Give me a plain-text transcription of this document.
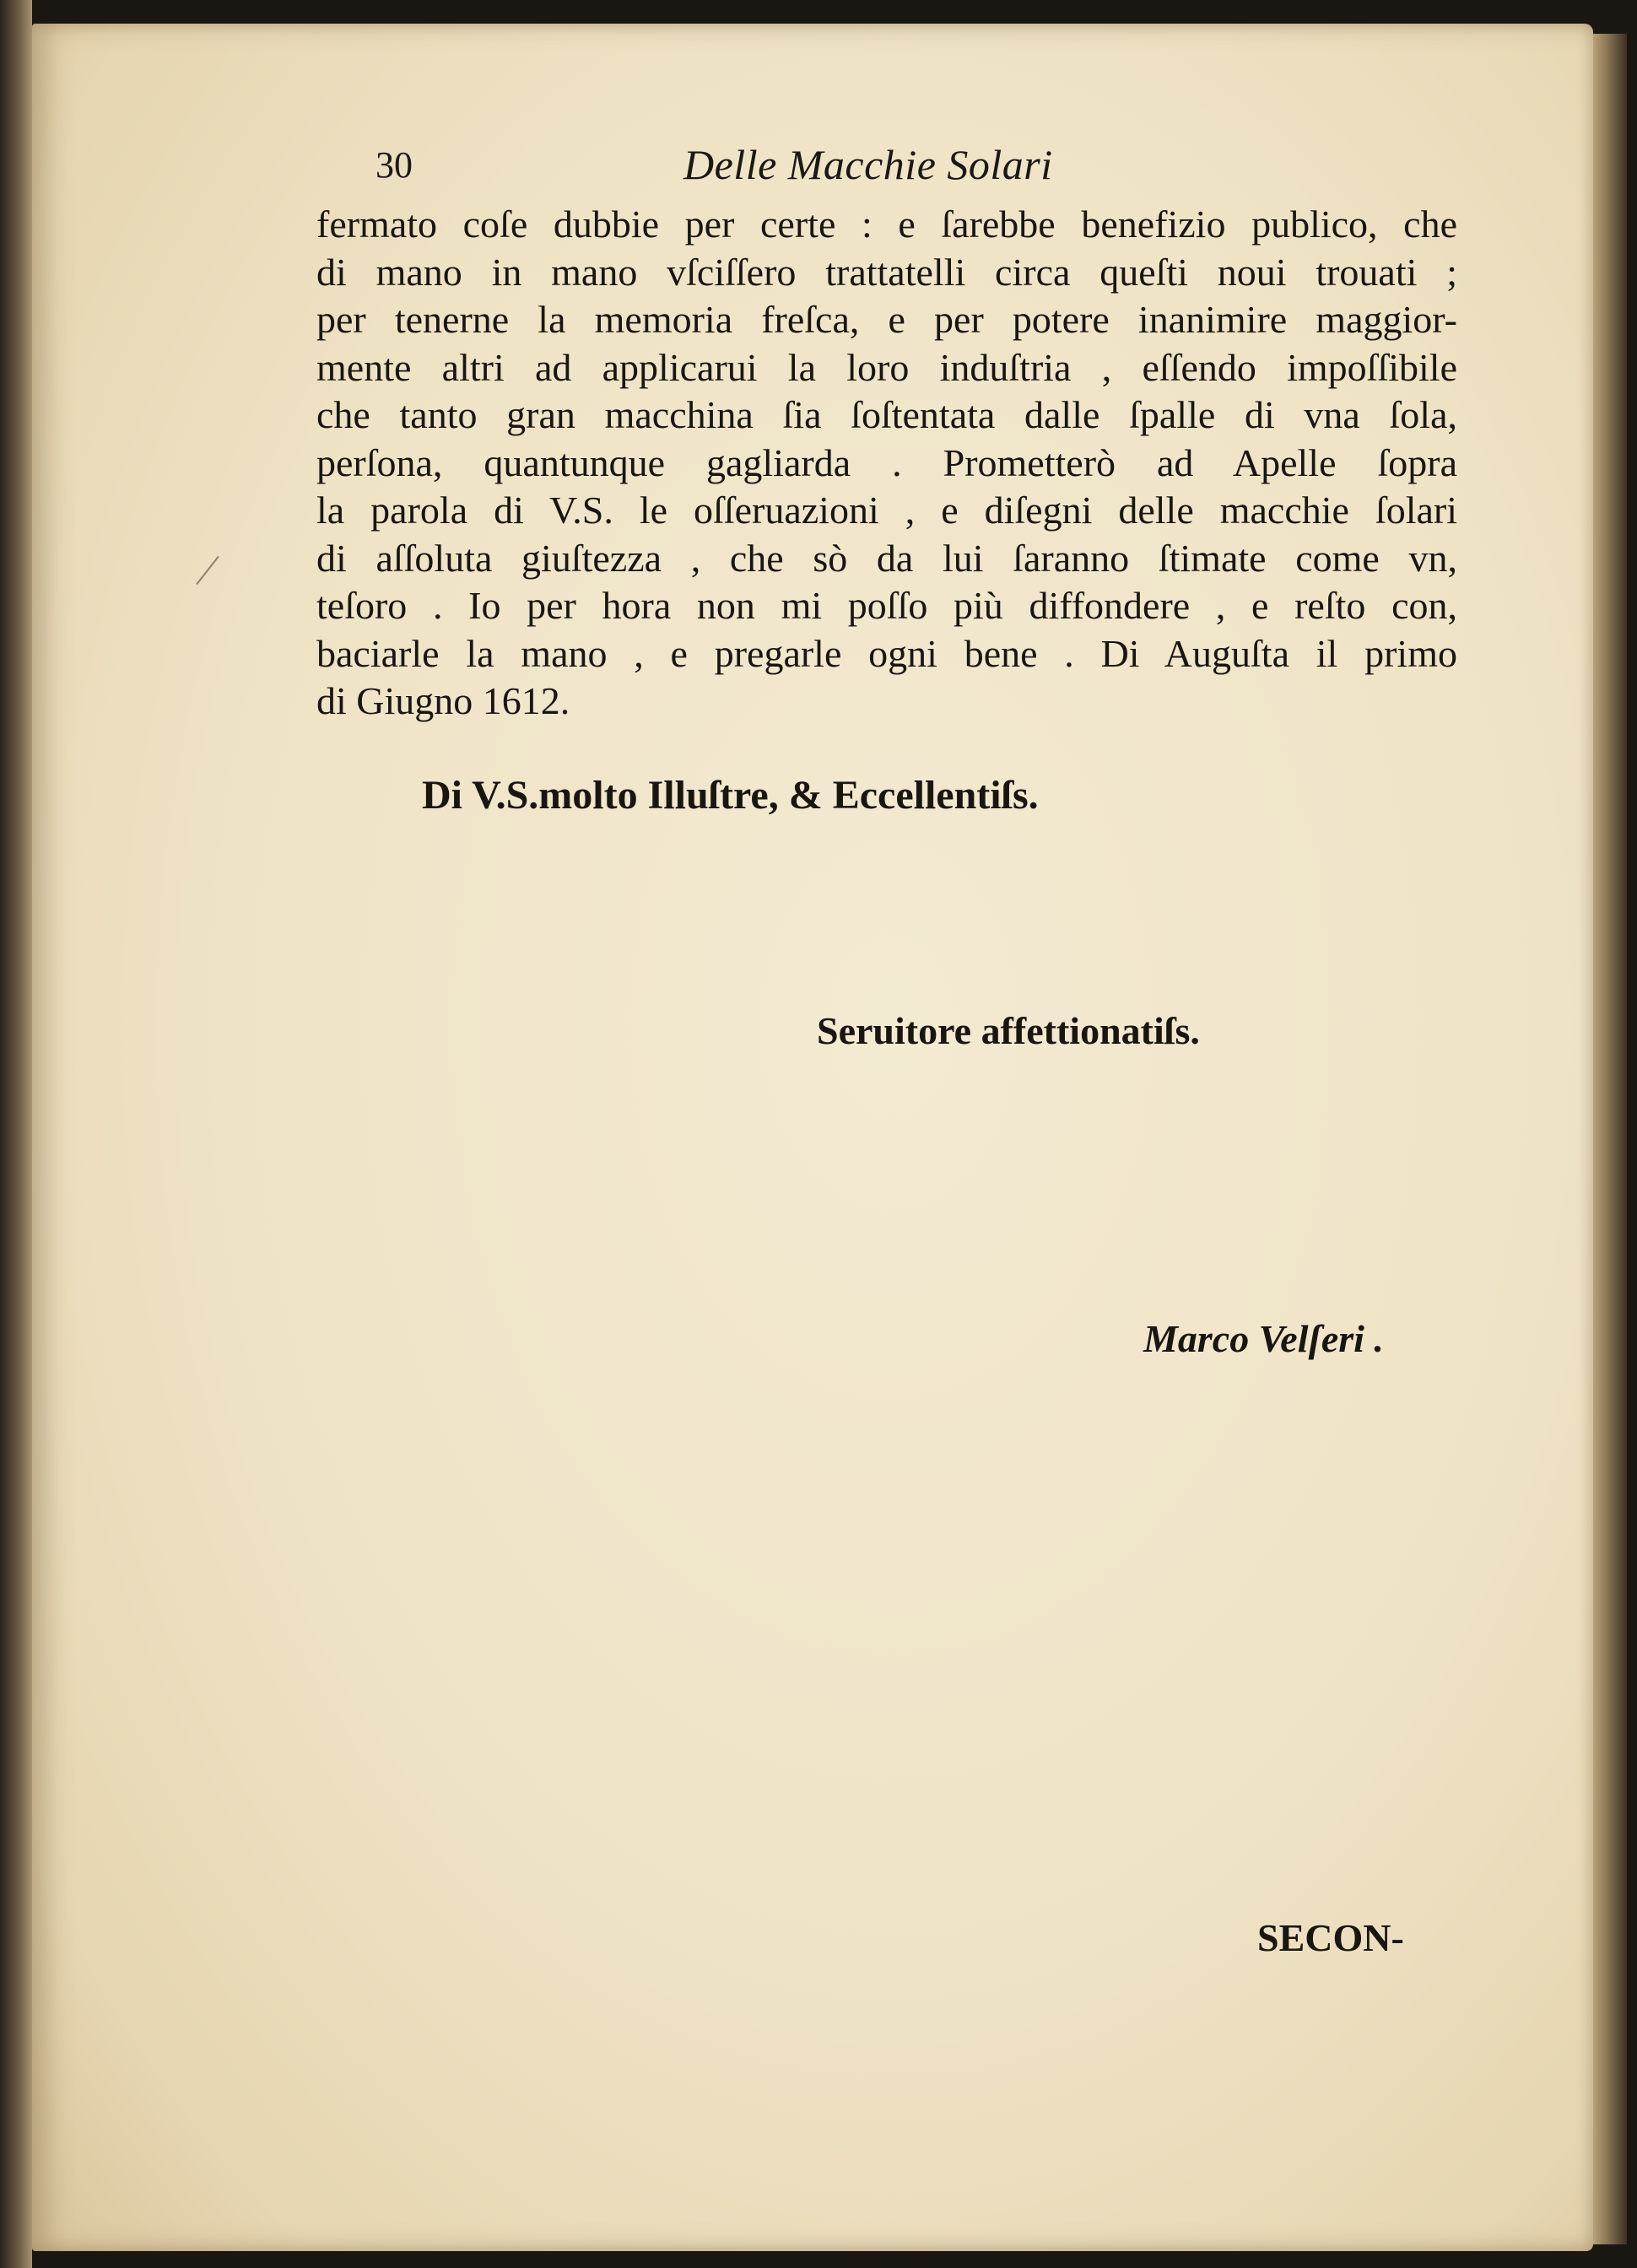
30	Delle Macchie Solari
fermato coſe dubbie per certe : e ſarebbe benefizio publico, che
di mano in mano vſciſſero trattatelli circa queſti noui trouati ;
per tenerne la memoria freſca, e per potere inanimire maggior-
mente altri ad applicarui la loro induſtria , eſſendo impoſſibile
che tanto gran macchina ſia ſoſtentata dalle ſpalle di vna ſola,
perſona, quantunque gagliarda . Prometterò ad Apelle ſopra
la parola di V.S. le oſſeruazioni , e diſegni delle macchie ſolari
di aſſoluta giuſtezza , che sò da lui ſaranno ſtimate come vn,
teſoro . Io per hora non mi poſſo più diffondere , e reſto con,
baciarle la mano , e pregarle ogni bene . Di Auguſta il primo
di Giugno 1612.
Di V.S.molto Illuſtre, & Eccellentiſs.
Seruitore affettionatiſs.
Marco Velſeri .
SECON-
